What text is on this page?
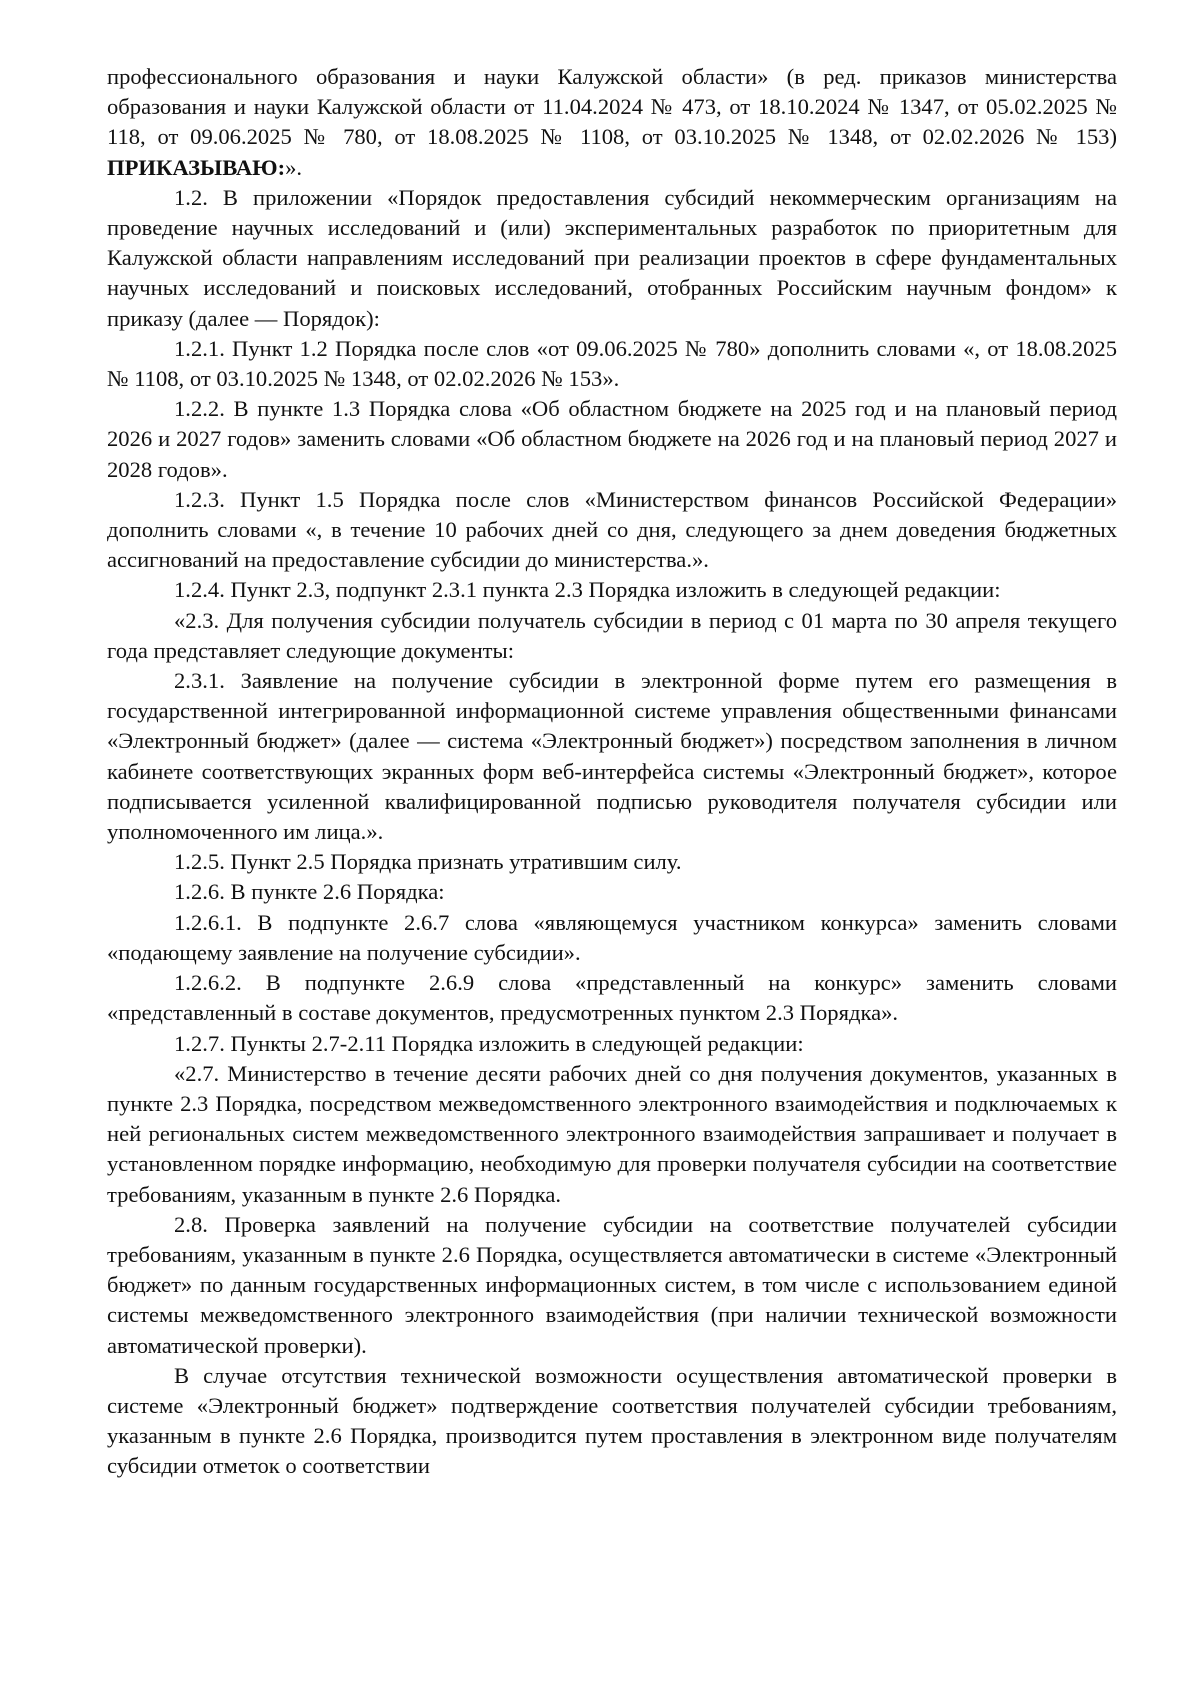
профессионального образования и науки Калужской области» (в ред. приказов министерства образования и науки Калужской области от 11.04.2024 № 473, от 18.10.2024 № 1347, от 05.02.2025 № 118, от 09.06.2025 № 780, от 18.08.2025 № 1108, от 03.10.2025 № 1348, от 02.02.2026 № 153) ПРИКАЗЫВАЮ:».

1.2. В приложении «Порядок предоставления субсидий некоммерческим организациям на проведение научных исследований и (или) экспериментальных разработок по приоритетным для Калужской области направлениям исследований при реализации проектов в сфере фундаментальных научных исследований и поисковых исследований, отобранных Российским научным фондом» к приказу (далее — Порядок):

1.2.1. Пункт 1.2 Порядка после слов «от 09.06.2025 № 780» дополнить словами «, от 18.08.2025 № 1108, от 03.10.2025 № 1348, от 02.02.2026 № 153».

1.2.2. В пункте 1.3 Порядка слова «Об областном бюджете на 2025 год и на плановый период 2026 и 2027 годов» заменить словами «Об областном бюджете на 2026 год и на плановый период 2027 и 2028 годов».

1.2.3. Пункт 1.5 Порядка после слов «Министерством финансов Российской Федерации» дополнить словами «, в течение 10 рабочих дней со дня, следующего за днем доведения бюджетных ассигнований на предоставление субсидии до министерства.».

1.2.4. Пункт 2.3, подпункт 2.3.1 пункта 2.3 Порядка изложить в следующей редакции:

«2.3. Для получения субсидии получатель субсидии в период с 01 марта по 30 апреля текущего года представляет следующие документы:

2.3.1. Заявление на получение субсидии в электронной форме путем его размещения в государственной интегрированной информационной системе управления общественными финансами «Электронный бюджет» (далее — система «Электронный бюджет») посредством заполнения в личном кабинете соответствующих экранных форм веб-интерфейса системы «Электронный бюджет», которое подписывается усиленной квалифицированной подписью руководителя получателя субсидии или уполномоченного им лица.».

1.2.5. Пункт 2.5 Порядка признать утратившим силу.

1.2.6. В пункте 2.6 Порядка:

1.2.6.1. В подпункте 2.6.7 слова «являющемуся участником конкурса» заменить словами «подающему заявление на получение субсидии».

1.2.6.2. В подпункте 2.6.9 слова «представленный на конкурс» заменить словами «представленный в составе документов, предусмотренных пунктом 2.3 Порядка».

1.2.7. Пункты 2.7-2.11 Порядка изложить в следующей редакции:

«2.7. Министерство в течение десяти рабочих дней со дня получения документов, указанных в пункте 2.3 Порядка, посредством межведомственного электронного взаимодействия и подключаемых к ней региональных систем межведомственного электронного взаимодействия запрашивает и получает в установленном порядке информацию, необходимую для проверки получателя субсидии на соответствие требованиям, указанным в пункте 2.6 Порядка.

2.8. Проверка заявлений на получение субсидии на соответствие получателей субсидии требованиям, указанным в пункте 2.6 Порядка, осуществляется автоматически в системе «Электронный бюджет» по данным государственных информационных систем, в том числе с использованием единой системы межведомственного электронного взаимодействия (при наличии технической возможности автоматической проверки).

В случае отсутствия технической возможности осуществления автоматической проверки в системе «Электронный бюджет» подтверждение соответствия получателей субсидии требованиям, указанным в пункте 2.6 Порядка, производится путем проставления в электронном виде получателям субсидии отметок о соответствии
